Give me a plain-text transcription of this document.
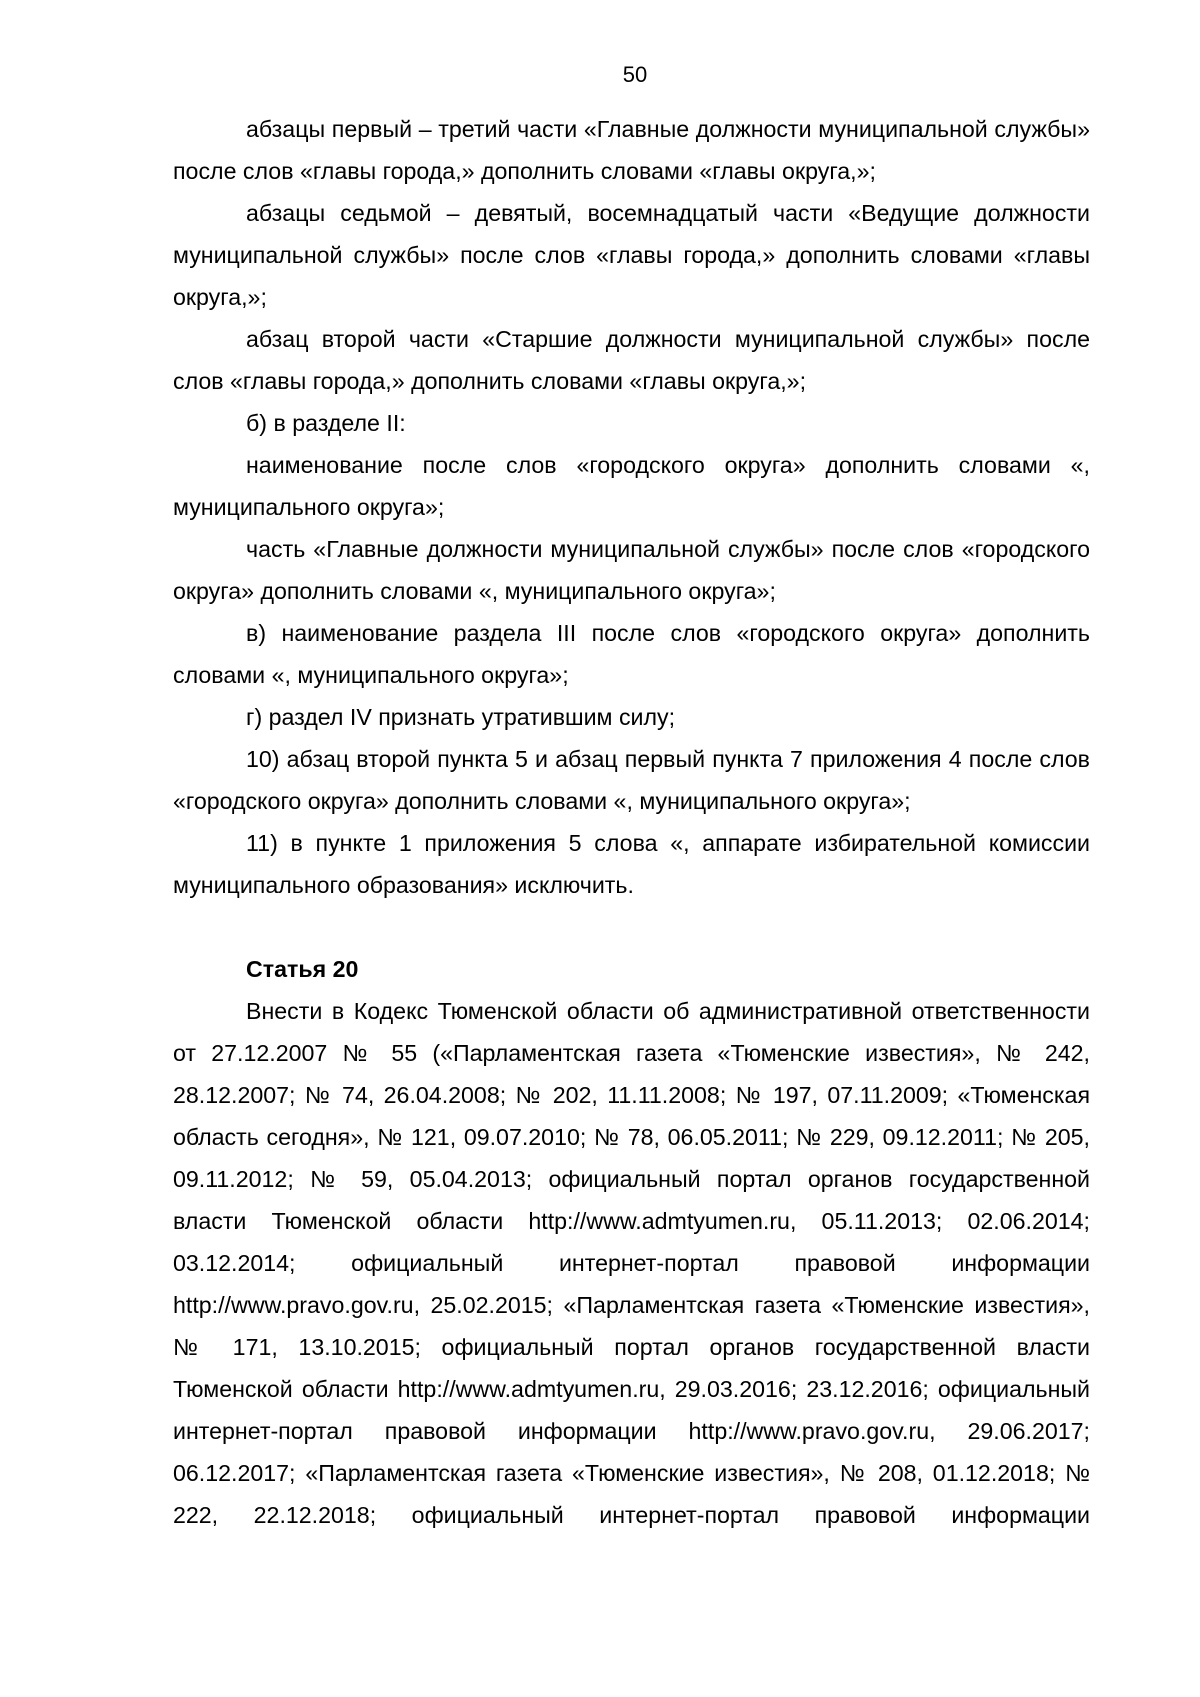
50

абзацы первый – третий части «Главные должности муниципальной службы» после слов «главы города,» дополнить словами «главы округа,»;

абзацы седьмой – девятый, восемнадцатый части «Ведущие должности муниципальной службы» после слов «главы города,» дополнить словами «главы округа,»;

абзац второй части «Старшие должности муниципальной службы» после слов «главы города,» дополнить словами «главы округа,»;

б) в разделе II:

наименование после слов «городского округа» дополнить словами «, муниципального округа»;

часть «Главные должности муниципальной службы» после слов «городского округа» дополнить словами «, муниципального округа»;

в) наименование раздела III после слов «городского округа» дополнить словами «, муниципального округа»;

г) раздел IV признать утратившим силу;

10) абзац второй пункта 5 и абзац первый пункта 7 приложения 4 после слов «городского округа» дополнить словами «, муниципального округа»;

11) в пункте 1 приложения 5 слова «, аппарате избирательной комиссии муниципального образования» исключить.

Статья 20

Внести в Кодекс Тюменской области об административной ответственности от 27.12.2007 № 55 («Парламентская газета «Тюменские известия», № 242, 28.12.2007; № 74, 26.04.2008; № 202, 11.11.2008; № 197, 07.11.2009; «Тюменская область сегодня», № 121, 09.07.2010; № 78, 06.05.2011; № 229, 09.12.2011; № 205, 09.11.2012; № 59, 05.04.2013; официальный портал органов государственной власти Тюменской области http://www.admtyumen.ru, 05.11.2013; 02.06.2014; 03.12.2014; официальный интернет-портал правовой информации http://www.pravo.gov.ru, 25.02.2015; «Парламентская газета «Тюменские известия», № 171, 13.10.2015; официальный портал органов государственной власти Тюменской области http://www.admtyumen.ru, 29.03.2016; 23.12.2016; официальный интернет-портал правовой информации http://www.pravo.gov.ru, 29.06.2017; 06.12.2017; «Парламентская газета «Тюменские известия», № 208, 01.12.2018; № 222, 22.12.2018; официальный интернет-портал правовой информации
